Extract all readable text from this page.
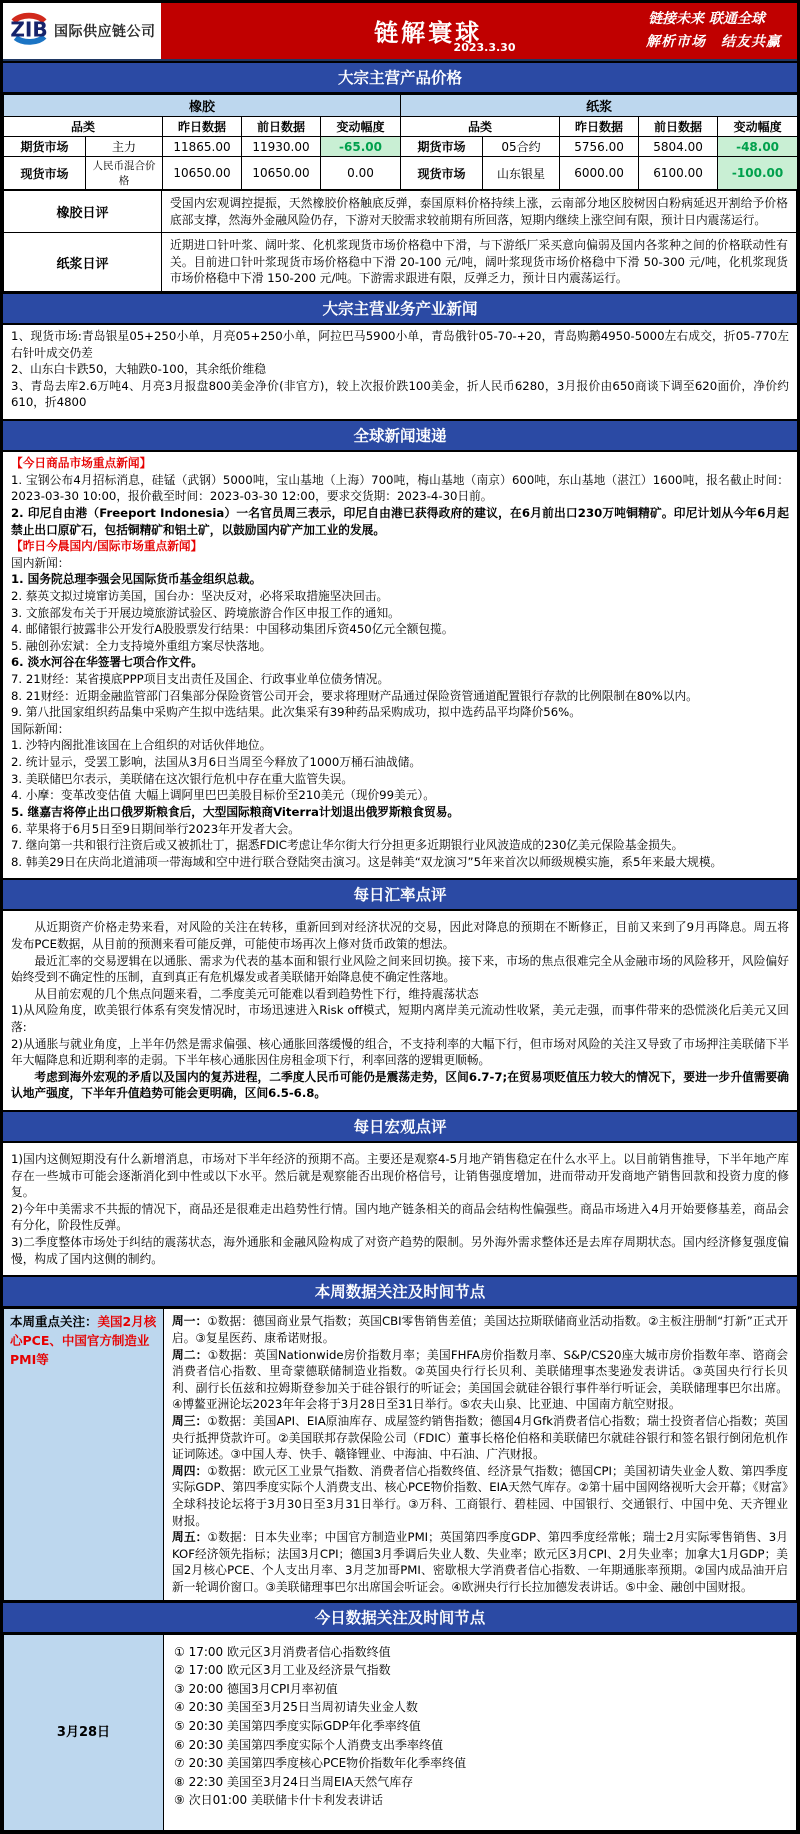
ZIB 国际供应链公司	链解寰球
2023.3.30
链接未来 联通全球
解析市场　结友共赢
大宗主营产品价格
橡胶					纸浆				
品类		昨日数据	前日数据	变动幅度	品类		昨日数据	前日数据	变动幅度
期货市场	主力	11865.00	11930.00	-65.00	期货市场	05合约	5756.00	5804.00	-48.00
现货市场	人民币混合价格	10650.00	10650.00	0.00	现货市场	山东银星	6000.00	6100.00	-100.00
橡胶日评	受国内宏观调控提振，天然橡胶价格触底反弹，泰国原料价格持续上涨，云南部分地区胶树因白粉病延迟开割给予价格底部支撑，然海外金融风险仍存，下游对天胶需求较前期有所回落，短期内继续上涨空间有限，预计日内震荡运行。
纸浆日评	近期进口针叶浆、阔叶浆、化机浆现货市场价格稳中下滑，与下游纸厂采买意向偏弱及国内各浆种之间的价格联动性有关。目前进口针叶浆现货市场价格稳中下滑 20-100 元/吨，阔叶浆现货市场价格稳中下滑 50-300 元/吨，化机浆现货市场价格稳中下滑 150-200 元/吨。下游需求跟进有限，反弹乏力，预计日内震荡运行。
大宗主营业务产业新闻

1、现货市场:青岛银星05+250小单，月亮05+250小单，阿拉巴马5900小单，青岛俄针05-70-+20，青岛购鹅4950-5000左右成交，折05-770左右针叶成交仍差

2、山东白卡跌50，大轴跌0-100，其余纸价维稳

3、青岛去库2.6万吨4、月亮3月报盘800美金净价(非官方)，较上次报价跌100美金，折人民币6280，3月报价由650商谈下调至620面价，净价约610，折4800

全球新闻速递

【今日商品市场重点新闻】

1. 宝钢公布4月招标消息，硅锰（武钢）5000吨，宝山基地（上海）700吨，梅山基地（南京）600吨，东山基地（湛江）1600吨，报名截止时间：2023-03-30 10:00，报价截至时间：2023-03-30 12:00，要求交货期：2023-4-30日前。

2. 印尼自由港（Freeport Indonesia）一名官员周三表示，印尼自由港已获得政府的建议，在6月前出口230万吨铜精矿。印尼计划从今年6月起禁止出口原矿石，包括铜精矿和铝土矿，以鼓励国内矿产加工业的发展。

【昨日今晨国内/国际市场重点新闻】

国内新闻：

1. 国务院总理李强会见国际货币基金组织总裁。

2. 蔡英文拟过境窜访美国，国台办：坚决反对，必将采取措施坚决回击。

3. 文旅部发布关于开展边境旅游试验区、跨境旅游合作区申报工作的通知。

4. 邮储银行披露非公开发行A股股票发行结果：中国移动集团斥资450亿元全额包揽。

5. 融创孙宏斌：全力支持境外重组方案尽快落地。

6. 淡水河谷在华签署七项合作文件。

7. 21财经：某省摸底PPP项目支出责任及国企、行政事业单位债务情况。

8. 21财经：近期金融监管部门召集部分保险资管公司开会，要求将理财产品通过保险资管通道配置银行存款的比例限制在80%以内。

9. 第八批国家组织药品集中采购产生拟中选结果。此次集采有39种药品采购成功，拟中选药品平均降价56%。

国际新闻：

1. 沙特内阁批准该国在上合组织的对话伙伴地位。

2. 统计显示，受罢工影响，法国从3月6日当周至今释放了1000万桶石油战储。

3. 美联储巴尔表示，美联储在这次银行危机中存在重大监管失误。

4. 小摩：变革改变估值 大幅上调阿里巴巴美股目标价至210美元（现价99美元）。

5. 继嘉吉将停止出口俄罗斯粮食后，大型国际粮商Viterra计划退出俄罗斯粮食贸易。

6. 苹果将于6月5日至9日期间举行2023年开发者大会。

7. 继向第一共和银行注资后或又被抓壮丁，据悉FDIC考虑让华尔街大行分担更多近期银行业风波造成的230亿美元保险基金损失。

8. 韩美29日在庆尚北道浦项一带海域和空中进行联合登陆突击演习。这是韩美“双龙演习”5年来首次以师级规模实施，系5年来最大规模。

每日汇率点评

从近期资产价格走势来看，对风险的关注在转移，重新回到对经济状况的交易，因此对降息的预期在不断修正，目前又来到了9月再降息。周五将发布PCE数据，从目前的预测来看可能反弹，可能使市场再次上修对货币政策的想法。

最近汇率的交易逻辑在以通胀、需求为代表的基本面和银行业风险之间来回切换。接下来，市场的焦点很难完全从金融市场的风险移开，风险偏好始终受到不确定性的压制，直到真正有危机爆发或者美联储开始降息使不确定性落地。

从目前宏观的几个焦点问题来看，二季度美元可能难以看到趋势性下行，维持震荡状态

1)从风险角度，欧美银行体系有突发情况时，市场迅速进入Risk off模式，短期内离岸美元流动性收紧，美元走强，而事件带来的恐慌淡化后美元又回落:

2)从通胀与就业角度，上半年仍然是需求偏强、核心通胀回落缓慢的组合，不支持利率的大幅下行，但市场对风险的关注又导致了市场押注美联储下半年大幅降息和近期利率的走弱。下半年核心通胀因住房租金项下行，利率回落的逻辑更顺畅。

考虑到海外宏观的矛盾以及国内的复苏进程，二季度人民币可能仍是震荡走势，区间6.7-7;在贸易项贬值压力较大的情况下，要进一步升值需要确认地产强度，下半年升值趋势可能会更明确，区间6.5-6.8。

每日宏观点评

1)国内这侧短期没有什么新增消息，市场对下半年经济的预期不高。主要还是观察4-5月地产销售稳定在什么水平上。以目前销售推导，下半年地产库存在一些城市可能会逐渐消化到中性或以下水平。然后就是观察能否出现价格信号，让销售强度增加，进而带动开发商地产销售回款和投资力度的修复。

2)今年中美需求不共振的情况下，商品还是很难走出趋势性行情。国内地产链条相关的商品会结构性偏强些。商品市场进入4月开始要修基差，商品会有分化，阶段性反弹。

3)二季度整体市场处于纠结的震荡状态，海外通胀和金融风险构成了对资产趋势的限制。另外海外需求整体还是去库存周期状态。国内经济修复强度偏慢，构成了国内这侧的制约。

本周数据关注及时间节点
本周重点关注：美国2月核心PCE、中国官方制造业PMI等	

周一：①数据：德国商业景气指数；英国CBI零售销售差值；美国达拉斯联储商业活动指数。②主板注册制“打新”正式开启。③复星医药、康希诺财报。

周二：①数据：英国Nationwide房价指数月率；美国FHFA房价指数月率、S&P/CS20座大城市房价指数年率、谘商会消费者信心指数、里奇蒙德联储制造业指数。②英国央行行长贝利、美联储理事杰斐逊发表讲话。③英国央行行长贝利、副行长伍兹和拉姆斯登参加关于硅谷银行的听证会；美国国会就硅谷银行事件举行听证会，美联储理事巴尔出席。④博鳌亚洲论坛2023年年会将于3月28日至31日举行。⑤农夫山泉、比亚迪、中国南方航空财报。

周三：①数据：美国API、EIA原油库存、成屋签约销售指数；德国4月Gfk消费者信心指数；瑞士投资者信心指数；英国央行抵押贷款许可。②美国联邦存款保险公司（FDIC）董事长格伦伯格和美联储巴尔就硅谷银行和签名银行倒闭危机作证词陈述。③中国人寿、快手、赣锋锂业、中海油、中石油、广汽财报。

周四：①数据：欧元区工业景气指数、消费者信心指数终值、经济景气指数；德国CPI；美国初请失业金人数、第四季度实际GDP、第四季度实际个人消费支出、核心PCE物价指数、EIA天然气库存。②第十届中国网络视听大会开幕；《财富》全球科技论坛将于3月30日至3月31日举行。③万科、工商银行、碧桂园、中国银行、交通银行、中国中免、天齐锂业财报。

周五：①数据：日本失业率；中国官方制造业PMI；英国第四季度GDP、第四季度经常帐；瑞士2月实际零售销售、3月KOF经济领先指标；法国3月CPI；德国3月季调后失业人数、失业率；欧元区3月CPI、2月失业率；加拿大1月GDP；美国2月核心PCE、个人支出月率、3月芝加哥PMI、密歇根大学消费者信心指数、一年期通胀率预期。②国内成品油开启新一轮调价窗口。③美联储理事巴尔出席国会听证会。④欧洲央行行长拉加德发表讲话。⑤中金、融创中国财报。

今日数据关注及时间节点
3月28日	

① 17:00 欧元区3月消费者信心指数终值

② 17:00 欧元区3月工业及经济景气指数

③ 20:00 德国3月CPI月率初值

④ 20:30 美国至3月25日当周初请失业金人数

⑤ 20:30 美国第四季度实际GDP年化季率终值

⑥ 20:30 美国第四季度实际个人消费支出季率终值

⑦ 20:30 美国第四季度核心PCE物价指数年化季率终值

⑧ 22:30 美国至3月24日当周EIA天然气库存

⑨ 次日01:00 美联储卡什卡利发表讲话
